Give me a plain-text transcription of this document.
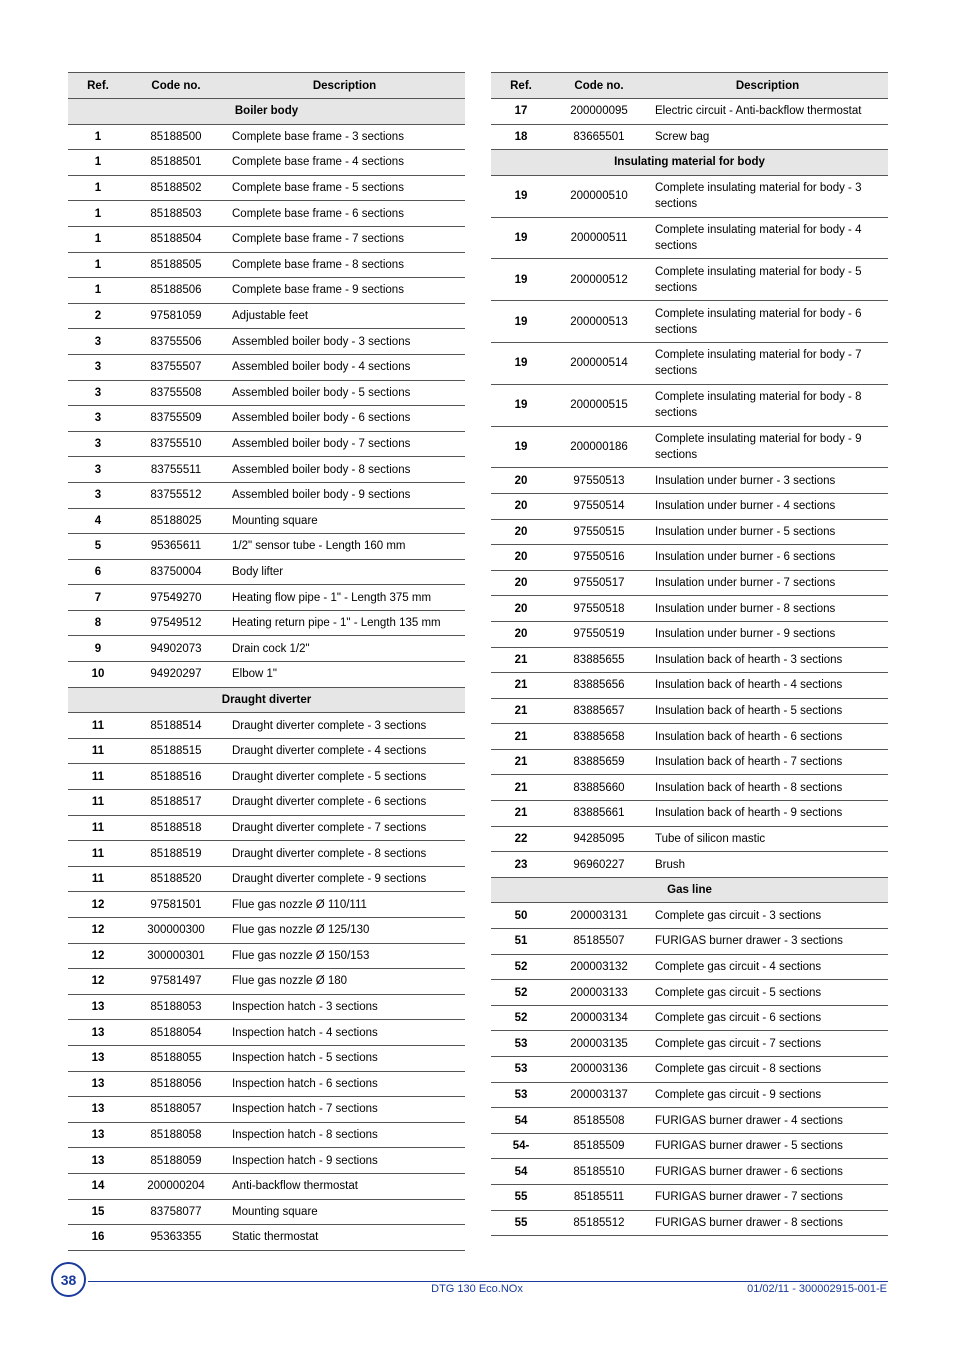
Ref.	Code no.	Description
Boiler body		
1	85188500	Complete base frame - 3 sections
1	85188501	Complete base frame - 4 sections
1	85188502	Complete base frame - 5 sections
1	85188503	Complete base frame - 6 sections
1	85188504	Complete base frame - 7 sections
1	85188505	Complete base frame - 8 sections
1	85188506	Complete base frame - 9 sections
2	97581059	Adjustable feet
3	83755506	Assembled boiler body - 3 sections
3	83755507	Assembled boiler body - 4 sections
3	83755508	Assembled boiler body - 5 sections
3	83755509	Assembled boiler body - 6 sections
3	83755510	Assembled boiler body - 7 sections
3	83755511	Assembled boiler body - 8 sections
3	83755512	Assembled boiler body - 9 sections
4	85188025	Mounting square
5	95365611	1/2" sensor tube - Length 160 mm
6	83750004	Body lifter
7	97549270	Heating flow pipe - 1" - Length 375 mm
8	97549512	Heating return pipe - 1" - Length 135 mm
9	94902073	Drain cock 1/2"
10	94920297	Elbow 1"
Draught diverter		
11	85188514	Draught diverter complete - 3 sections
11	85188515	Draught diverter complete - 4 sections
11	85188516	Draught diverter complete - 5 sections
11	85188517	Draught diverter complete - 6 sections
11	85188518	Draught diverter complete - 7 sections
11	85188519	Draught diverter complete - 8 sections
11	85188520	Draught diverter complete - 9 sections
12	97581501	Flue gas nozzle Ø 110/111
12	300000300	Flue gas nozzle Ø 125/130
12	300000301	Flue gas nozzle Ø 150/153
12	97581497	Flue gas nozzle Ø 180
13	85188053	Inspection hatch - 3 sections
13	85188054	Inspection hatch - 4 sections
13	85188055	Inspection hatch - 5 sections
13	85188056	Inspection hatch - 6 sections
13	85188057	Inspection hatch - 7 sections
13	85188058	Inspection hatch - 8 sections
13	85188059	Inspection hatch - 9 sections
14	200000204	Anti-backflow thermostat
15	83758077	Mounting square
16	95363355	Static thermostat
Ref.	Code no.	Description
17	200000095	Electric circuit - Anti-backflow thermostat
18	83665501	Screw bag
Insulating material for body		
19	200000510	Complete insulating material for body - 3 sections
19	200000511	Complete insulating material for body - 4 sections
19	200000512	Complete insulating material for body - 5 sections
19	200000513	Complete insulating material for body - 6 sections
19	200000514	Complete insulating material for body - 7 sections
19	200000515	Complete insulating material for body - 8 sections
19	200000186	Complete insulating material for body - 9 sections
20	97550513	Insulation under burner - 3 sections
20	97550514	Insulation under burner - 4 sections
20	97550515	Insulation under burner - 5 sections
20	97550516	Insulation under burner - 6 sections
20	97550517	Insulation under burner - 7 sections
20	97550518	Insulation under burner - 8 sections
20	97550519	Insulation under burner - 9 sections
21	83885655	Insulation back of hearth - 3 sections
21	83885656	Insulation back of hearth - 4 sections
21	83885657	Insulation back of hearth - 5 sections
21	83885658	Insulation back of hearth - 6 sections
21	83885659	Insulation back of hearth - 7 sections
21	83885660	Insulation back of hearth - 8 sections
21	83885661	Insulation back of hearth - 9 sections
22	94285095	Tube of silicon mastic
23	96960227	Brush
Gas line		
50	200003131	Complete gas circuit - 3 sections
51	85185507	FURIGAS burner drawer - 3 sections
52	200003132	Complete gas circuit - 4 sections
52	200003133	Complete gas circuit - 5 sections
52	200003134	Complete gas circuit - 6 sections
53	200003135	Complete gas circuit - 7 sections
53	200003136	Complete gas circuit - 8 sections
53	200003137	Complete gas circuit - 9 sections
54	85185508	FURIGAS burner drawer - 4 sections
54-	85185509	FURIGAS burner drawer - 5 sections
54	85185510	FURIGAS burner drawer - 6 sections
55	85185511	FURIGAS burner drawer - 7 sections
55	85185512	FURIGAS burner drawer - 8 sections
38
DTG 130 Eco.NOx	01/02/11 - 300002915-001-E
